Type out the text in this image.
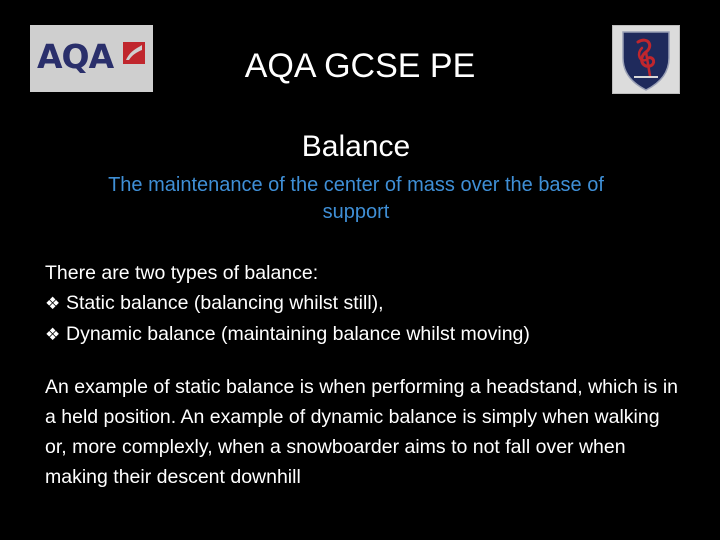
AQA	AQA GCSE PE
Balance
The maintenance of the center of mass over the base of support
There are two types of balance:
❖ Static balance (balancing whilst still),
❖ Dynamic balance (maintaining balance whilst moving)
An example of static balance is when performing a headstand, which is in a held position. An example of dynamic balance is simply when walking or, more complexly, when a snowboarder aims to not fall over when making their descent downhill
